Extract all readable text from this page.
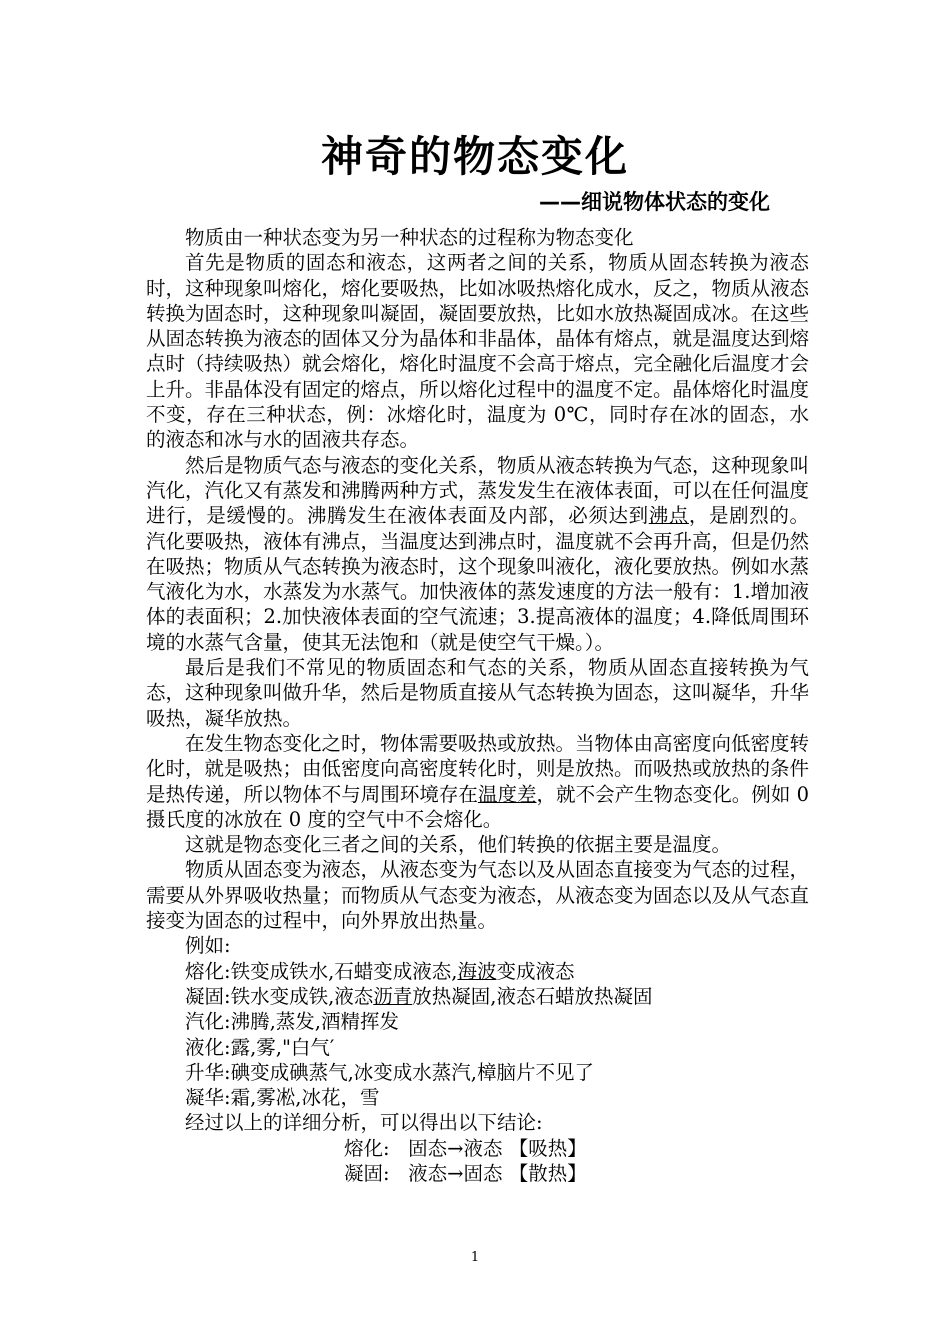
神奇的物态变化
——细说物体状态的变化

物质由一种状态变为另一种状态的过程称为物态变化

首先是物质的固态和液态，这两者之间的关系，物质从固态转换为液态时，这种现象叫熔化，熔化要吸热，比如冰吸热熔化成水，反之，物质从液态转换为固态时，这种现象叫凝固，凝固要放热，比如水放热凝固成冰。在这些从固态转换为液态的固体又分为晶体和非晶体，晶体有熔点，就是温度达到熔点时（持续吸热）就会熔化，熔化时温度不会高于熔点，完全融化后温度才会上升。非晶体没有固定的熔点，所以熔化过程中的温度不定。晶体熔化时温度不变，存在三种状态，例：冰熔化时，温度为 0℃，同时存在冰的固态，水的液态和冰与水的固液共存态。

然后是物质气态与液态的变化关系，物质从液态转换为气态，这种现象叫汽化，汽化又有蒸发和沸腾两种方式，蒸发发生在液体表面，可以在任何温度进行，是缓慢的。沸腾发生在液体表面及内部，必须达到沸点，是剧烈的。汽化要吸热，液体有沸点，当温度达到沸点时，温度就不会再升高，但是仍然在吸热；物质从气态转换为液态时，这个现象叫液化，液化要放热。例如水蒸气液化为水，水蒸发为水蒸气。加快液体的蒸发速度的方法一般有：1.增加液体的表面积；2.加快液体表面的空气流速；3.提高液体的温度；4.降低周围环境的水蒸气含量，使其无法饱和（就是使空气干燥。）。

最后是我们不常见的物质固态和气态的关系，物质从固态直接转换为气态，这种现象叫做升华，然后是物质直接从气态转换为固态，这叫凝华，升华吸热，凝华放热。

在发生物态变化之时，物体需要吸热或放热。当物体由高密度向低密度转化时，就是吸热；由低密度向高密度转化时，则是放热。而吸热或放热的条件是热传递，所以物体不与周围环境存在温度差，就不会产生物态变化。例如 0 摄氏度的冰放在 0 度的空气中不会熔化。

这就是物态变化三者之间的关系，他们转换的依据主要是温度。

物质从固态变为液态，从液态变为气态以及从固态直接变为气态的过程，需要从外界吸收热量；而物质从气态变为液态，从液态变为固态以及从气态直接变为固态的过程中，向外界放出热量。

例如:

熔化:铁变成铁水,石蜡变成液态,海波变成液态

凝固:铁水变成铁,液态沥青放热凝固,液态石蜡放热凝固

汽化:沸腾,蒸发,酒精挥发

液化:露,雾,"白气′

升华:碘变成碘蒸气,冰变成水蒸汽,樟脑片不见了

凝华:霜,雾凇,冰花，雪

经过以上的详细分析，可以得出以下结论:

熔化:   固态→液态 【吸热】

凝固:   液态→固态 【散热】

1
